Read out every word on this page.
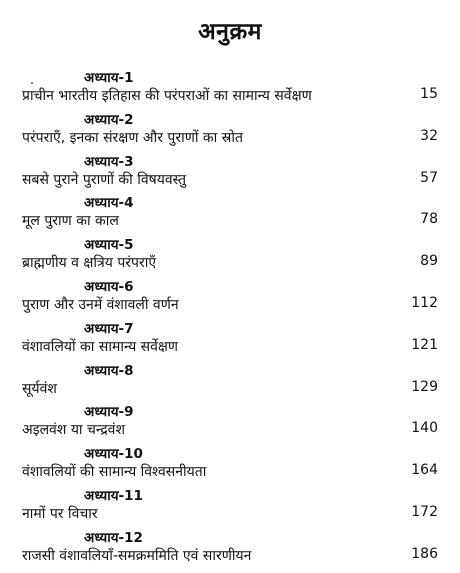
अनुक्रम
अध्याय-1
प्राचीन भारतीय इतिहास की परंपराओं का सामान्य सर्वेक्षण	15
अध्याय-2
परंपराएँ, इनका संरक्षण और पुराणों का स्रोत	32
अध्याय-3
सबसे पुराने पुराणों की विषयवस्तु	57
अध्याय-4
मूल पुराण का काल	78
अध्याय-5
ब्राह्मणीय व क्षत्रिय परंपराएँ	89
अध्याय-6
पुराण और उनमें वंशावली वर्णन	112
अध्याय-7
वंशावलियों का सामान्य सर्वेक्षण	121
अध्याय-8
सूर्यवंश	129
अध्याय-9
अइलवंश या चन्द्रवंश	140
अध्याय-10
वंशावलियों की सामान्य विश्वसनीयता	164
अध्याय-11
नामों पर विचार	172
अध्याय-12
राजसी वंशावलियाँ-समक्रममिति एवं सारणीयन	186
